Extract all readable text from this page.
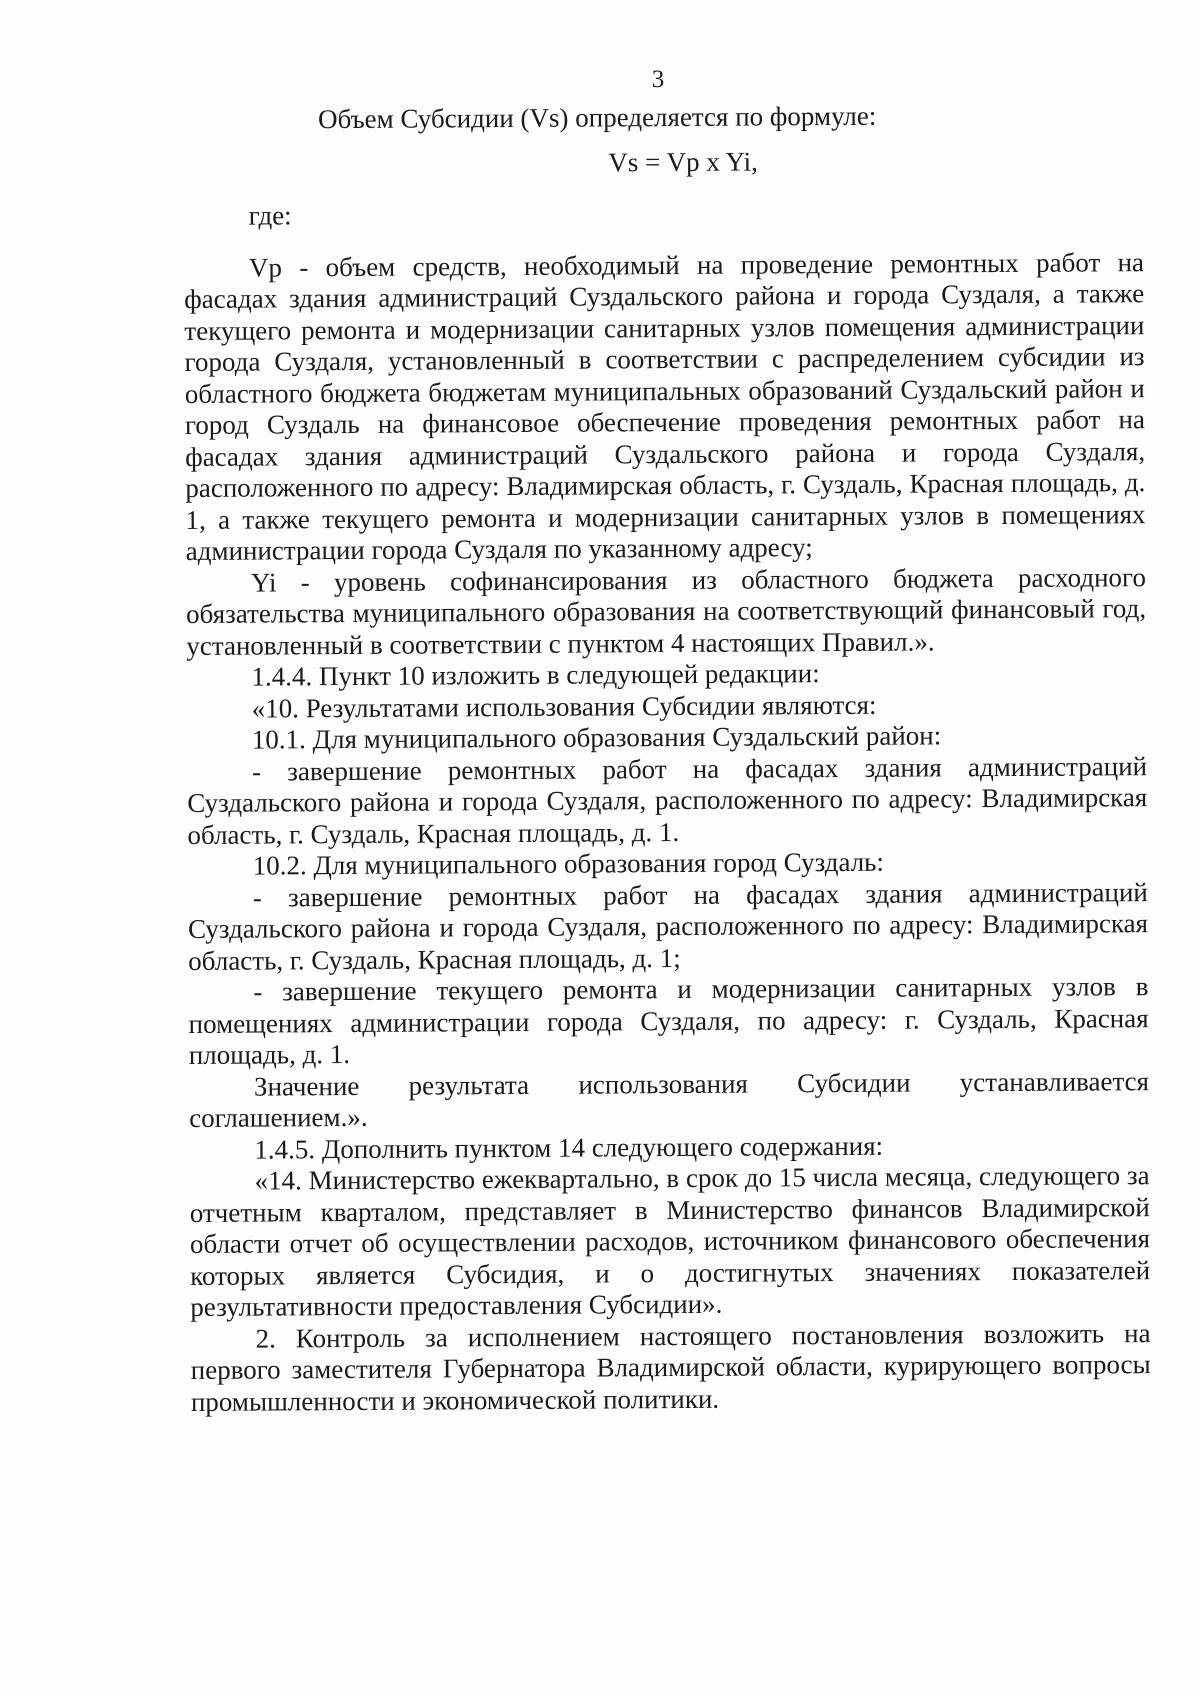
3

Объем Субсидии (Vs) определяется по формуле:

Vs = Vp x Yi,

где:

Vp - объем средств, необходимый на проведение ремонтных работ на фасадах здания администраций Суздальского района и города Суздаля, а также текущего ремонта и модернизации санитарных узлов помещения администрации города Суздаля, установленный в соответствии с распределением субсидии из областного бюджета бюджетам муниципальных образований Суздальский район и город Суздаль на финансовое обеспечение проведения ремонтных работ на фасадах здания администраций Суздальского района и города Суздаля, расположенного по адресу: Владимирская область, г. Суздаль, Красная площадь, д. 1, а также текущего ремонта и модернизации санитарных узлов в помещениях администрации города Суздаля по указанному адресу;

Yi - уровень софинансирования из областного бюджета расходного обязательства муниципального образования на соответствующий финансовый год, установленный в соответствии с пунктом 4 настоящих Правил.».

1.4.4. Пункт 10 изложить в следующей редакции:

«10. Результатами использования Субсидии являются:

10.1. Для муниципального образования Суздальский район:

- завершение ремонтных работ на фасадах здания администраций Суздальского района и города Суздаля, расположенного по адресу: Владимирская область, г. Суздаль, Красная площадь, д. 1.

10.2. Для муниципального образования город Суздаль:

- завершение ремонтных работ на фасадах здания администраций Суздальского района и города Суздаля, расположенного по адресу: Владимирская область, г. Суздаль, Красная площадь, д. 1;

- завершение текущего ремонта и модернизации санитарных узлов в помещениях администрации города Суздаля, по адресу: г. Суздаль, Красная площадь, д. 1.

Значение результата использования Субсидии устанавливается соглашением.».

1.4.5. Дополнить пунктом 14 следующего содержания:

«14. Министерство ежеквартально, в срок до 15 числа месяца, следующего за отчетным кварталом, представляет в Министерство финансов Владимирской области отчет об осуществлении расходов, источником финансового обеспечения которых является Субсидия, и о достигнутых значениях показателей результативности предоставления Субсидии».

2. Контроль за исполнением настоящего постановления возложить на первого заместителя Губернатора Владимирской области, курирующего вопросы промышленности и экономической политики.
